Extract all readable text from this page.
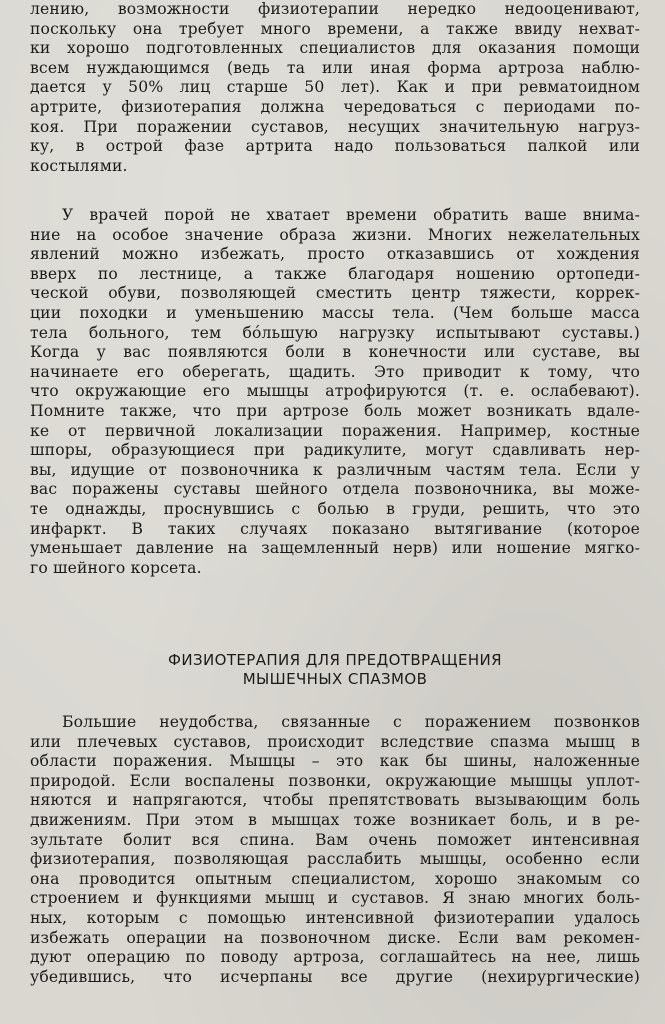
лению, возможности физиотерапии нередко недооценивают,
поскольку она требует много времени, а также ввиду нехват-
ки хорошо подготовленных специалистов для оказания помощи
всем нуждающимся (ведь та или иная форма артроза наблю-
дается у 50% лиц старше 50 лет). Как и при ревматоидном
артрите, физиотерапия должна чередоваться с периодами по-
коя. При поражении суставов, несущих значительную нагруз-
ку, в острой фазе артрита надо пользоваться палкой или
костылями.
У врачей порой не хватает времени обратить ваше внима-
ние на особое значение образа жизни. Многих нежелательных
явлений можно избежать, просто отказавшись от хождения
вверх по лестнице, а также благодаря ношению ортопеди-
ческой обуви, позволяющей сместить центр тяжести, коррек-
ции походки и уменьшению массы тела. (Чем больше масса
тела больного, тем бо́льшую нагрузку испытывают суставы.)
Когда у вас появляются боли в конечности или суставе, вы
начинаете его оберегать, щадить. Это приводит к тому, что
что окружающие его мышцы атрофируются (т. е. ослабевают).
Помните также, что при артрозе боль может возникать вдале-
ке от первичной локализации поражения. Например, костные
шпоры, образующиеся при радикулите, могут сдавливать нер-
вы, идущие от позвоночника к различным частям тела. Если у
вас поражены суставы шейного отдела позвоночника, вы може-
те однажды, проснувшись с болью в груди, решить, что это
инфаркт. В таких случаях показано вытягивание (которое
уменьшает давление на защемленный нерв) или ношение мягко-
го шейного корсета.
ФИЗИОТЕРАПИЯ ДЛЯ ПРЕДОТВРАЩЕНИЯ
МЫШЕЧНЫХ СПАЗМОВ
Большие неудобства, связанные с поражением позвонков
или плечевых суставов, происходит вследствие спазма мышц в
области поражения. Мышцы – это как бы шины, наложенные
природой. Если воспалены позвонки, окружающие мышцы уплот-
няются и напрягаются, чтобы препятствовать вызывающим боль
движениям. При этом в мышцах тоже возникает боль, и в ре-
зультате болит вся спина. Вам очень поможет интенсивная
физиотерапия, позволяющая расслабить мышцы, особенно если
она проводится опытным специалистом, хорошо знакомым со
строением и функциями мышц и суставов. Я знаю многих боль-
ных, которым с помощью интенсивной физиотерапии удалось
избежать операции на позвоночном диске. Если вам рекомен-
дуют операцию по поводу артроза, соглашайтесь на нее, лишь
убедившись, что исчерпаны все другие (нехирургические)
